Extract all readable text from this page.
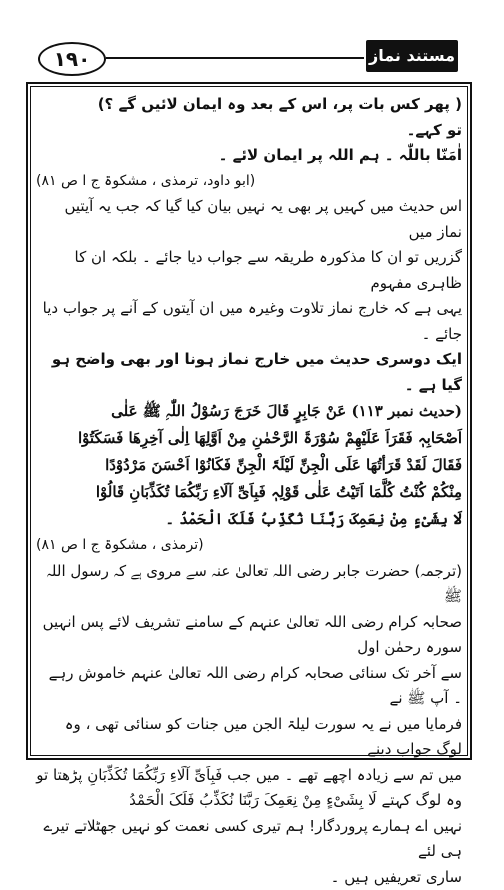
۱۹۰	مستند نماز حنفی

( پھر کس بات پر، اس کے بعد وہ ایمان لائیں گے ؟)

تو کہے۔

اٰمَنّا باللّٰہ ۔ ہم اللہ پر ایمان لائے ۔

(ابو داود، ترمذی ، مشکوۃ ج ا ص ۸۱)

اس حدیث میں کہیں پر بھی یہ نہیں بیان کیا گیا کہ جب یہ آیتیں نماز میں

گزریں تو ان کا مذکورہ طریقہ سے جواب دیا جائے ۔ بلکہ ان کا ظاہری مفہوم

یہی ہے کہ خارج نماز تلاوت وغیرہ میں ان آیتوں کے آنے پر جواب دیا

جائے ۔

ایک دوسری حدیث میں خارج نماز ہونا اور بھی واضح ہو گیا ہے ۔

(حدیث نمبر ۱۱۳) عَنْ جَابِرٍ قَالَ خَرَجَ رَسُوْلُ اللّٰہِ ﷺ عَلٰی

اَصْحَابِہٖ فَقَرَاَ عَلَیْھِمْ سُوْرَۃَ الرَّحْمٰنِ مِنْ اَوَّلِھَا اِلٰی آخِرِھَا فَسَکَتُوْا

فَقَالَ لَقَدْ قَرَأتُھَا عَلَی الْجِنِّ لَیْلَۃَ الْجِنِّ فَکَانُوْا اَحْسَنَ مَرْدُوْدًا

مِنْکُمْ کُنْتُ کُلَّمَا اَتَیْتُ عَلٰی قَوْلِہٖ فَبِاَیِّ آلَاءِ رَبِّکُمَا تُکَذِّبَانِ قَالُوْا

لَا بِشَیْءٍ مِنْ نِعَمِکَ رَبَّنَا نُکَذِّبُ فَلَکَ الْحَمْدُ ۔

(ترمذی ، مشکوۃ ج ا ص ۸۱)

(ترجمہ) حضرت جابر رضی اللہ تعالیٰ عنہ سے مروی ہے کہ رسول اللہ ﷺ

صحابہ کرام رضی اللہ تعالیٰ عنہم کے سامنے تشریف لائے پس انہیں سورہ رحمٰن اول

سے آخر تک سنائی صحابہ کرام رضی اللہ تعالیٰ عنہم خاموش رہے ۔ آپ ﷺ نے

فرمایا میں نے یہ سورت لیلۃ الجن میں جنات کو سنائی تھی ، وہ لوگ جواب دینے

میں تم سے زیادہ اچھے تھے ۔ میں جب فَبِاَیِّ آلَاءِ رَبِّکُمَا تُکَذِّبَانِ پڑھتا تو

وہ لوگ کہتے لَا بِشَیْءٍ مِنْ نِعَمِکَ رَبَّنَا نُکَذِّبُ فَلَکَ الْحَمْدُ

نہیں اے ہمارے پروردگار! ہم تیری کسی نعمت کو نہیں جھٹلاتے تیرے ہی لئے

ساری تعریفیں ہیں ۔
